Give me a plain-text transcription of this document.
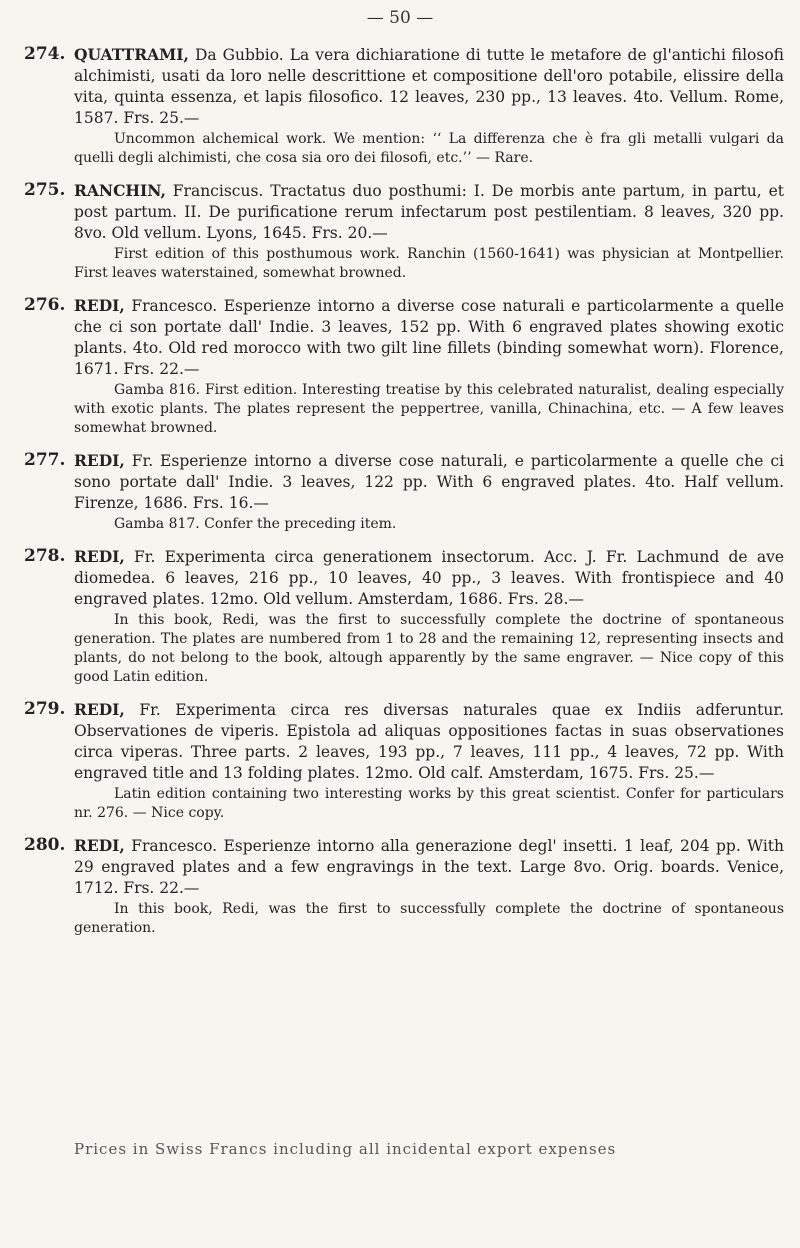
— 50 —
274. QUATTRAMI, Da Gubbio. La vera dichiaratione di tutte le metafore de gl'antichi filosofi alchimisti, usati da loro nelle descrittione et compositione dell'oro potabile, elissire della vita, quinta essenza, et lapis filosofico. 12 leaves, 230 pp., 13 leaves. 4to. Vellum. Rome, 1587. Frs. 25.—
Uncommon alchemical work. We mention: ‘‘ La differenza che è fra gli metalli vulgari da quelli degli alchimisti, che cosa sia oro dei filosofi, etc.’’ — Rare.
275. RANCHIN, Franciscus. Tractatus duo posthumi: I. De morbis ante partum, in partu, et post partum. II. De purificatione rerum infectarum post pestilentiam. 8 leaves, 320 pp. 8vo. Old vellum. Lyons, 1645. Frs. 20.—
First edition of this posthumous work. Ranchin (1560-1641) was physician at Montpellier. First leaves waterstained, somewhat browned.
276. REDI, Francesco. Esperienze intorno a diverse cose naturali e particolarmente a quelle che ci son portate dall' Indie. 3 leaves, 152 pp. With 6 engraved plates showing exotic plants. 4to. Old red morocco with two gilt line fillets (binding somewhat worn). Florence, 1671. Frs. 22.—
Gamba 816. First edition. Interesting treatise by this celebrated naturalist, dealing especially with exotic plants. The plates represent the peppertree, vanilla, Chinachina, etc. — A few leaves somewhat browned.
277. REDI, Fr. Esperienze intorno a diverse cose naturali, e particolarmente a quelle che ci sono portate dall' Indie. 3 leaves, 122 pp. With 6 engraved plates. 4to. Half vellum. Firenze, 1686. Frs. 16.—
Gamba 817. Confer the preceding item.
278. REDI, Fr. Experimenta circa generationem insectorum. Acc. J. Fr. Lachmund de ave diomedea. 6 leaves, 216 pp., 10 leaves, 40 pp., 3 leaves. With frontispiece and 40 engraved plates. 12mo. Old vellum. Amsterdam, 1686. Frs. 28.—
In this book, Redi, was the first to successfully complete the doctrine of spontaneous generation. The plates are numbered from 1 to 28 and the remaining 12, representing insects and plants, do not belong to the book, altough apparently by the same engraver. — Nice copy of this good Latin edition.
279. REDI, Fr. Experimenta circa res diversas naturales quae ex Indiis adferuntur. Observationes de viperis. Epistola ad aliquas oppositiones factas in suas observationes circa viperas. Three parts. 2 leaves, 193 pp., 7 leaves, 111 pp., 4 leaves, 72 pp. With engraved title and 13 folding plates. 12mo. Old calf. Amsterdam, 1675. Frs. 25.—
Latin edition containing two interesting works by this great scientist. Confer for particulars nr. 276. — Nice copy.
280. REDI, Francesco. Esperienze intorno alla generazione degl' insetti. 1 leaf, 204 pp. With 29 engraved plates and a few engravings in the text. Large 8vo. Orig. boards. Venice, 1712. Frs. 22.—
In this book, Redi, was the first to successfully complete the doctrine of spontaneous generation.
Prices in Swiss Francs including all incidental export expenses
